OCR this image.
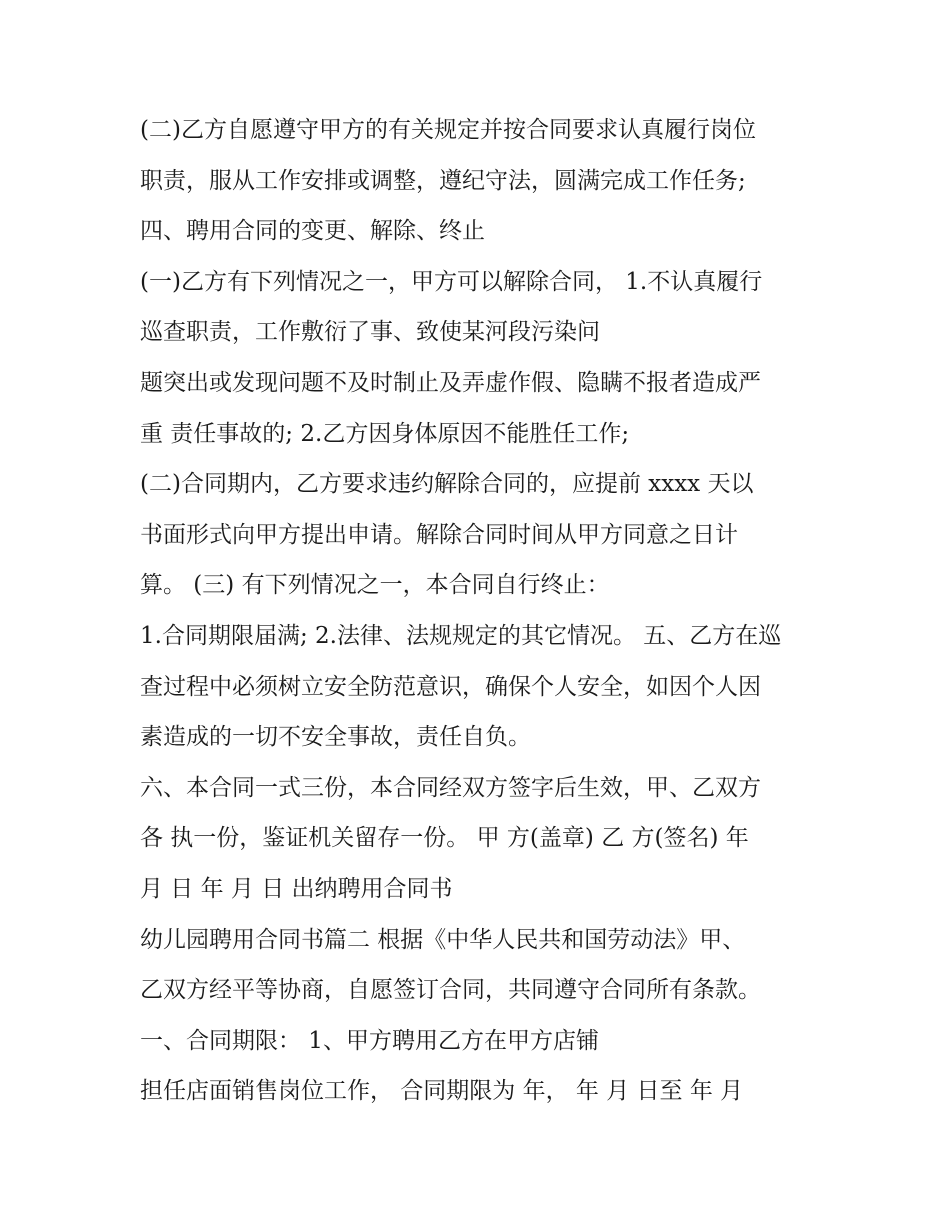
(二)乙方自愿遵守甲方的有关规定并按合同要求认真履行岗位
职责，服从工作安排或调整，遵纪守法，圆满完成工作任务;
四、聘用合同的变更、解除、终止
(一)乙方有下列情况之一，甲方可以解除合同， 1.不认真履行
巡查职责，工作敷衍了事、致使某河段污染问
题突出或发现问题不及时制止及弄虚作假、隐瞒不报者造成严
重 责任事故的; 2.乙方因身体原因不能胜任工作;
(二)合同期内，乙方要求违约解除合同的，应提前 xxxx 天以
书面形式向甲方提出申请。解除合同时间从甲方同意之日计
算。 (三) 有下列情况之一，本合同自行终止：
1.合同期限届满; 2.法律、法规规定的其它情况。 五、乙方在巡
查过程中必须树立安全防范意识，确保个人安全，如因个人因
素造成的一切不安全事故，责任自负。
六、本合同一式三份，本合同经双方签字后生效，甲、乙双方
各 执一份，鉴证机关留存一份。 甲 方(盖章) 乙 方(签名) 年
月 日 年 月 日 出纳聘用合同书
幼儿园聘用合同书篇二 根据《中华人民共和国劳动法》甲、
乙双方经平等协商，自愿签订合同，共同遵守合同所有条款。
一、合同期限： 1、甲方聘用乙方在甲方店铺
担任店面销售岗位工作， 合同期限为 年， 年 月 日至 年 月
